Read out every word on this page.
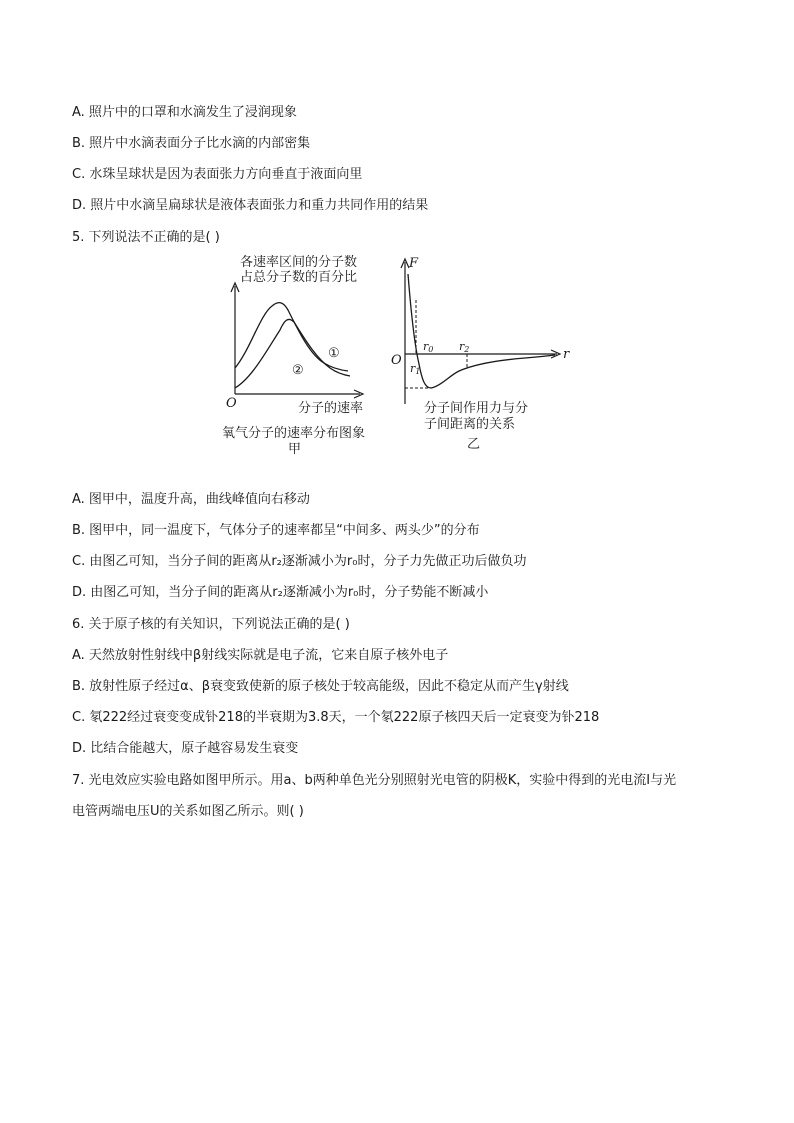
A. 照片中的口罩和水滴发生了浸润现象
B. 照片中水滴表面分子比水滴的内部密集
C. 水珠呈球状是因为表面张力方向垂直于液面向里
D. 照片中水滴呈扁球状是液体表面张力和重力共同作用的结果
5. 下列说法不正确的是( )
各速率区间的分子数
占总分子数的百分比
O
①
②
分子的速率
氧气分子的速率分布图象
甲
F
r
O
r0
r1
r2
分子间作用力与分
子间距离的关系
乙
A. 图甲中，温度升高，曲线峰值向右移动
B. 图甲中，同一温度下，气体分子的速率都呈“中间多、两头少”的分布
C. 由图乙可知，当分子间的距离从r₂逐渐减小为r₀时，分子力先做正功后做负功
D. 由图乙可知，当分子间的距离从r₂逐渐减小为r₀时，分子势能不断减小
6. 关于原子核的有关知识，下列说法正确的是( )
A. 天然放射性射线中β射线实际就是电子流，它来自原子核外电子
B. 放射性原子经过α、β衰变致使新的原子核处于较高能级，因此不稳定从而产生γ射线
C. 氡222经过衰变变成钋218的半衰期为3.8天，一个氡222原子核四天后一定衰变为钋218
D. 比结合能越大，原子越容易发生衰变
7. 光电效应实验电路如图甲所示。用a、b两种单色光分别照射光电管的阴极K，实验中得到的光电流I与光
电管两端电压U的关系如图乙所示。则( )
